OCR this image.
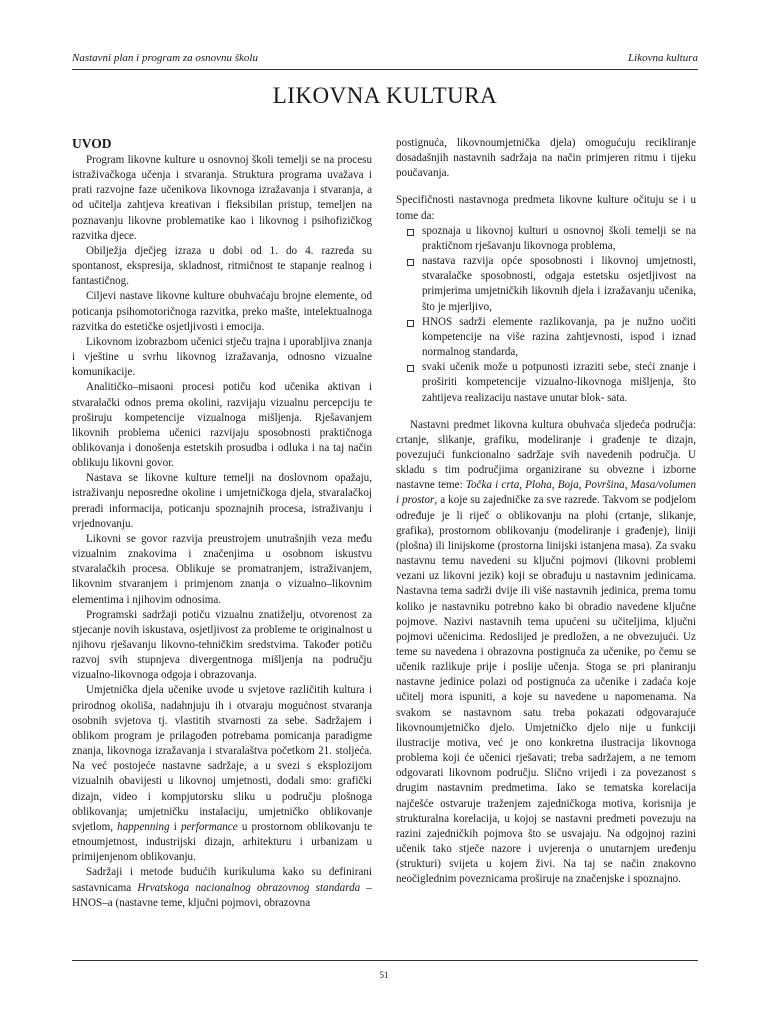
Nastavni plan i program za osnovnu školu	Likovna kultura
LIKOVNA KULTURA
UVOD

Program likovne kulture u osnovnoj školi temelji se na procesu istraživačkoga učenja i stvaranja. Struktura programa uvažava i prati razvojne faze učenikova likovnoga izražavanja i stvaranja, a od učitelja zahtjeva kreativan i fleksibilan pristup, temeljen na poznavanju likovne problematike kao i likovnog i psihofizičkog razvitka djece.

Obilježja dječjeg izraza u dobi od 1. do 4. razreda su spontanost, ekspresija, skladnost, ritmičnost te stapanje realnog i fantastičnog.

Ciljevi nastave likovne kulture obuhvaćaju brojne elemente, od poticanja psihomotoričnoga razvitka, preko mašte, intelektualnoga razvitka do estetičke osjetljivosti i emocija.

Likovnom izobrazbom učenici stječu trajna i uporabljiva znanja i vještine u svrhu likovnog izražavanja, odnosno vizualne komunikacije.

Analitičko–misaoni procesi potiču kod učenika aktivan i stvaralački odnos prema okolini, razvijaju vizualnu percepciju te proširuju kompetencije vizualnoga mišljenja. Rješavanjem likovnih problema učenici razvijaju sposobnosti praktičnoga oblikovanja i donošenja estetskih prosudba i odluka i na taj način oblikuju likovni govor.

Nastava se likovne kulture temelji na doslovnom opažaju, istraživanju neposredne okoline i umjetničkoga djela, stvaralačkoj preradi informacija, poticanju spoznajnih procesa, istraživanju i vrjednovanju.

Likovni se govor razvija preustrojem unutrašnjih veza među vizualnim znakovima i značenjima u osobnom iskustvu stvaralačkih procesa. Oblikuje se promatranjem, istraživanjem, likovnim stvaranjem i primjenom znanja o vizualno–likovnim elementima i njihovim odnosima.

Programski sadržaji potiču vizualnu znatiželju, otvorenost za stjecanje novih iskustava, osjetljivost za probleme te originalnost u njihovu rješavanju likovno-tehničkim sredstvima. Također potiču razvoj svih stupnjeva divergentnoga mišljenja na području vizualno-likovnoga odgoja i obrazovanja.

Umjetnička djela učenike uvode u svjetove različitih kultura i prirodnog okoliša, nadahnjuju ih i otvaraju mogućnost stvaranja osobnih svjetova tj. vlastitih stvarnosti za sebe. Sadržajem i oblikom program je prilagođen potrebama pomicanja paradigme znanja, likovnoga izražavanja i stvaralaštva početkom 21. stoljeća. Na već postojeće nastavne sadržaje, a u svezi s eksplozijom vizualnih obavijesti u likovnoj umjetnosti, dodali smo: grafički dizajn, video i kompjutorsku sliku u području plošnoga oblikovanja; umjetničku instalaciju, umjetničko oblikovanje svjetlom, happenning i performance u prostornom oblikovanju te etnoumjetnost, industrijski dizajn, arhitekturu i urbanizam u primijenjenom oblikovanju.

Sadržaji i metode budućih kurikuluma kako su definirani sastavnicama Hrvatskoga nacionalnog obrazovnog standarda – HNOS–a (nastavne teme, ključni pojmovi, obrazovna

postignuća, likovnoumjetnička djela) omogućuju recikliranje dosadašnjih nastavnih sadržaja na način primjeren ritmu i tijeku poučavanja.

Specifičnosti nastavnoga predmeta likovne kulture očituju se i u tome da:

spoznaja u likovnoj kulturi u osnovnoj školi temelji se na praktičnom rješavanju likovnoga problema,
nastava razvija opće sposobnosti i likovnoj umjetnosti, stvaralačke sposobnosti, odgaja estetsku osjetljivost na primjerima umjetničkih likovnih djela i izražavanju učenika, što je mjerljivo,
HNOS sadrži elemente razlikovanja, pa je nužno uočiti kompetencije na više razina zahtjevnosti, ispod i iznad normalnog standarda,
svaki učenik može u potpunosti izraziti sebe, steći znanje i proširiti kompetencije vizualno-likovnoga mišljenja, što zahtijeva realizaciju nastave unutar blok- sata.

Nastavni predmet likovna kultura obuhvaća sljedeća područja: crtanje, slikanje, grafiku, modeliranje i građenje te dizajn, povezujući funkcionalno sadržaje svih navedenih područja. U skladu s tim područjima organizirane su obvezne i izborne nastavne teme: Točka i crta, Ploha, Boja, Površina, Masa/volumen i prostor, a koje su zajedničke za sve razrede. Takvom se podjelom određuje je li riječ o oblikovanju na plohi (crtanje, slikanje, grafika), prostornom oblikovanju (modeliranje i građenje), liniji (plošna) ili linijskome (prostorna linijski istanjena masa). Za svaku nastavnu temu navedeni su ključni pojmovi (likovni problemi vezani uz likovni jezik) koji se obrađuju u nastavnim jedinicama. Nastavna tema sadrži dvije ili više nastavnih jedinica, prema tomu koliko je nastavniku potrebno kako bi obradio navedene ključne pojmove. Nazivi nastavnih tema upućeni su učiteljima, ključni pojmovi učenicima. Redoslijed je predložen, a ne obvezujući. Uz teme su navedena i obrazovna postignuća za učenike, po čemu se učenik razlikuje prije i poslije učenja. Stoga se pri planiranju nastavne jedinice polazi od postignuća za učenike i zadaća koje učitelj mora ispuniti, a koje su navedene u napomenama. Na svakom se nastavnom satu treba pokazati odgovarajuće likovnoumjetničko djelo. Umjetničko djelo nije u funkciji ilustracije motiva, već je ono konkretna ilustracija likovnoga problema koji će učenici rješavati; treba sadržajem, a ne temom odgovarati likovnom području. Slično vrijedi i za povezanost s drugim nastavnim predmetima. Iako se tematska korelacija najčešće ostvaruje traženjem zajedničkoga motiva, korisnija je strukturalna korelacija, u kojoj se nastavni predmeti povezuju na razini zajedničkih pojmova što se usvajaju. Na odgojnoj razini učenik tako stječe nazore i uvjerenja o unutarnjem uređenju (strukturi) svijeta u kojem živi. Na taj se način znakovno neočiglednim poveznicama proširuje na značenjske i spoznajno.

51
